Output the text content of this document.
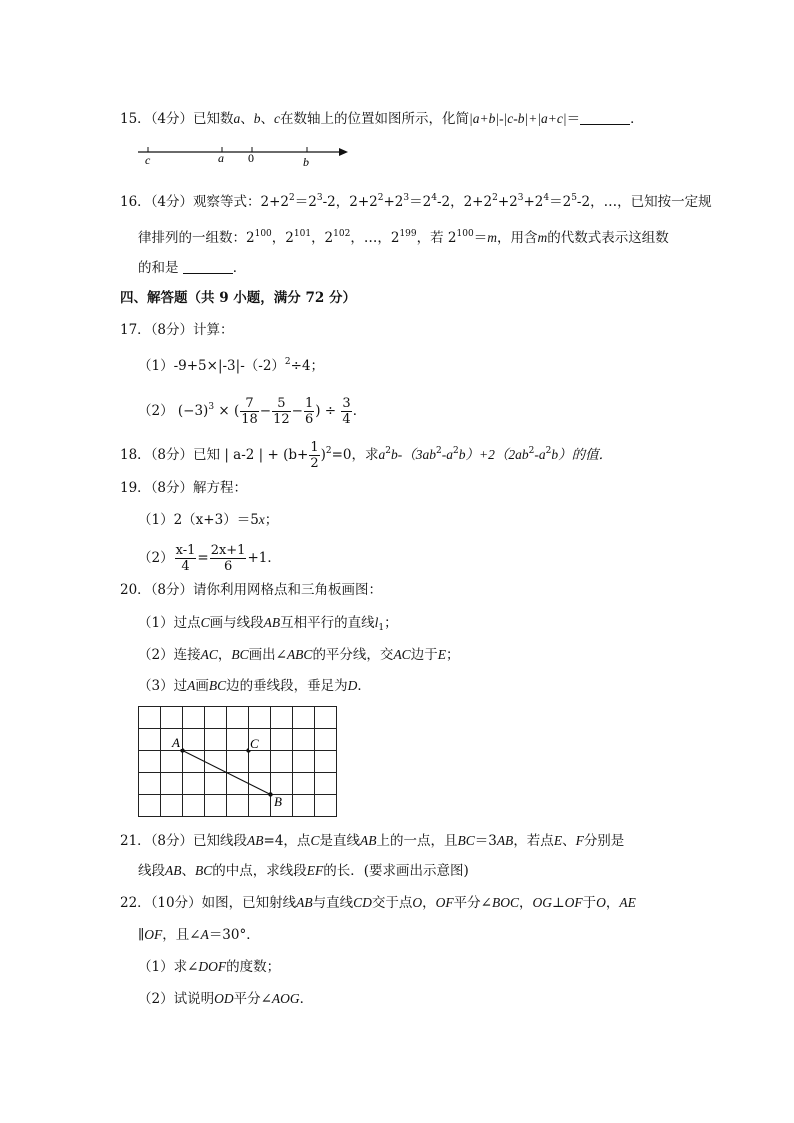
15．（4分）已知数a、b、c在数轴上的位置如图所示，化简|a+b|-|c-b|+|a+c|＝	．
c	a 0	b
16．（4分）观察等式：$2+2^2=2^3-2$，$2+2^2+2^3=2^4-2$，$2+2^2+2^3+2^4=2^5-2$，…，已知按一定规
律排列的一组数：$2^{100}$，$2^{101}$，$2^{102}$，…，$2^{199}$，若 $2^{100}=m$，用含m的代数式表示这组数
的和是	．
四、解答题（共 9 小题，满分 72 分）
17．（8分）计算：
$(1)-9+5\times|-3|-(-2)^2\div 4$；
（2） $(-3)^3$ × ( $\frac{7}{18} - \frac{5}{12} - \frac{1}{6}$ ) ÷ $\frac{3}{4}$ ．
18．（8分）已知 | a-2 | + $(b+ \frac{1}{2} )^2=0$，求$a^2b-(3ab^2-a^2b)+2(2ab^2-a^2b)$的值．
19．（8分）解方程：
（1）2（x+3）＝5x；
$(2) \frac{x-1}{4} = \frac{2x+1}{6} +1$．
20．（8分）请你利用网格点和三角板画图：
（1）过点C画与线段AB互相平行的直线$l_1$；
（2）连接AC，BC画出∠ABC的平分线，交AC边于E；
（3）过A画BC边的垂线段，垂足为D．
A	C
B
21．（8分）已知线段AB=4，点C是直线AB上的一点，且BC＝3AB，若点E、F分别是
线段AB、BC的中点，求线段EF的长．(要求画出示意图)
22．（10分）如图，已知射线AB与直线CD交于点O，OF平分∠BOC，OG⊥OF于O，AE
∥OF，且∠A＝30°．
（1）求∠DOF的度数；
（2）试说明OD平分∠AOG．
